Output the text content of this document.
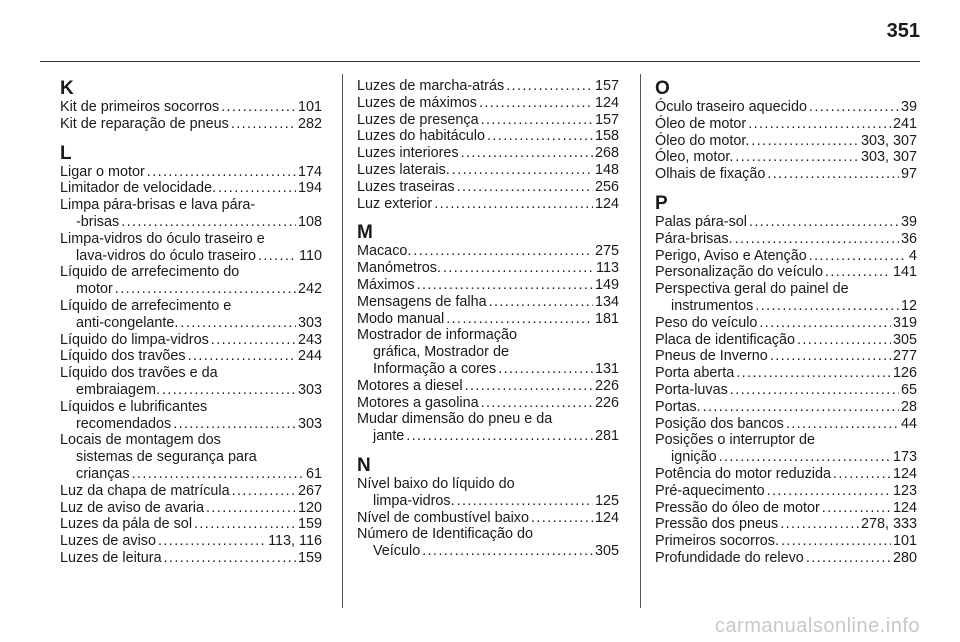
351
K
Kit de primeiros socorros . . .	101
Kit de reparação de pneus . . .	282
L
Ligar o motor . . .	174
Limitador de velocidade. . . .	194
Limpa pára-brisas e lava pára-
-brisas . . .	108
Limpa-vidros do óculo traseiro e
lava-vidros do óculo traseiro . . .	110
Líquido de arrefecimento do
motor . . .	242
Líquido de arrefecimento e
anti-congelante. . . .	303
Líquido do limpa-vidros . . .	243
Líquido dos travões . . .	244
Líquido dos travões e da
embraiagem. . . .	303
Líquidos e lubrificantes
recomendados . . .	303
Locais de montagem dos
sistemas de segurança para
crianças . . .	61
Luz da chapa de matrícula . . .	267
Luz de aviso de avaria . . .	120
Luzes da pála de sol . . .	159
Luzes de aviso . . .	113, 116
Luzes de leitura . . .	159
Luzes de marcha-atrás . . .	157
Luzes de máximos . . .	124
Luzes de presença . . .	157
Luzes do habitáculo . . .	158
Luzes interiores . . .	268
Luzes laterais. . . .	148
Luzes traseiras . . .	256
Luz exterior . . .	124
M
Macaco. . . .	275
Manómetros. . . .	113
Máximos . . .	149
Mensagens de falha . . .	134
Modo manual . . .	181
Mostrador de informação
gráfica, Mostrador de
Informação a cores . . .	131
Motores a diesel . . .	226
Motores a gasolina . . .	226
Mudar dimensão do pneu e da
jante . . .	281
N
Nível baixo do líquido do
limpa-vidros. . . .	125
Nível de combustível baixo . . .	124
Número de Identificação do
Veículo . . .	305
O
Óculo traseiro aquecido . . .	39
Óleo de motor . . .	241
Óleo do motor. . . .	303, 307
Óleo, motor. . . .	303, 307
Olhais de fixação . . .	97
P
Palas pára-sol . . .	39
Pára-brisas. . . .	36
Perigo, Aviso e Atenção . . .	4
Personalização do veículo . . .	141
Perspectiva geral do painel de
instrumentos . . .	12
Peso do veículo . . .	319
Placa de identificação . . .	305
Pneus de Inverno . . .	277
Porta aberta . . .	126
Porta-luvas . . .	65
Portas. . . .	28
Posição dos bancos . . .	44
Posições o interruptor de
ignição . . .	173
Potência do motor reduzida . . .	124
Pré-aquecimento . . .	123
Pressão do óleo de motor . . .	124
Pressão dos pneus . . .	278, 333
Primeiros socorros. . . .	101
Profundidade do relevo . . .	280
carmanualsonline.info
